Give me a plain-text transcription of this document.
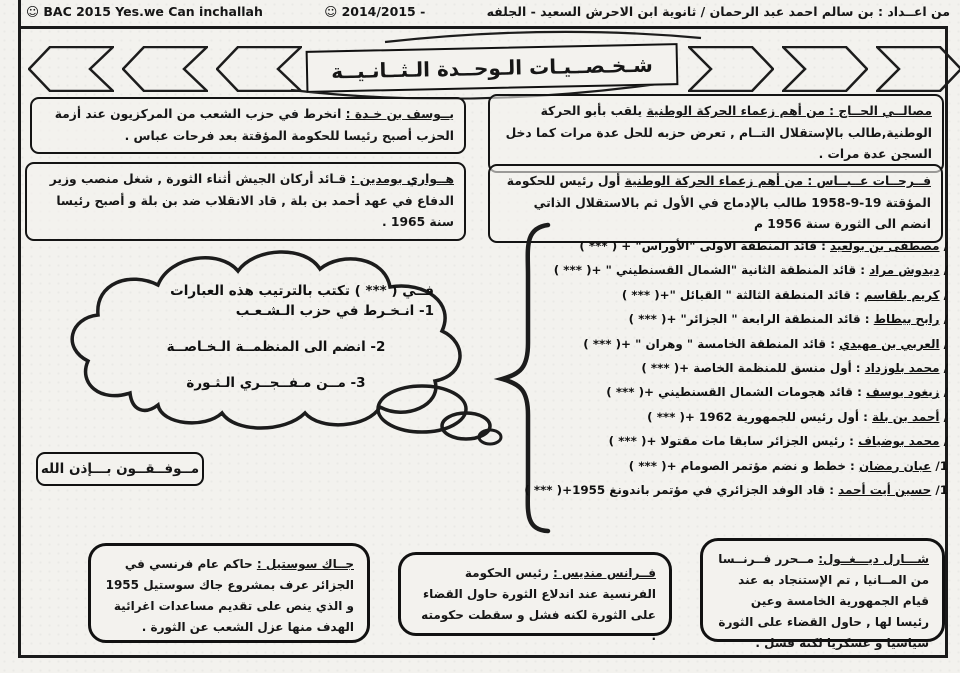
☺ BAC 2015 Yes.we Can inchallah	☺ 2014/2015 -	من اعــداد : بن سالم احمد عبد الرحمان / ثانوية ابن الاحرش السعيد - الجلفه
شـخـصــيـات الـوحــدة الـثــانـيــة
يــوسف بن خـدة : انخرط في حزب الشعب من المركزيون عند أزمة الحزب أصبح رئيسا للحكومة المؤقتة بعد فرحات عباس .
مصالــي الحــاج : من أهم زعماء الحركة الوطنية يلقب بأبو الحركة الوطنية,طالب بالإستقلال التــام , تعرض حزبه للحل عدة مرات كما دخل السجن عدة مرات .
هــواري بومدين : قـائد أركان الجيش أثناء الثورة , شغل منصب وزير الدفاع في عهد أحمد بن بلة , قاد الانقلاب ضد بن بلة و أصبح رئيسا سنة 1965 .
فــرحــات عــبــاس : من أهم زعماء الحركة الوطنية أول رئيس للحكومة المؤقتة 19-9-1958 طالب بالإدماج في الأول ثم بالاستقلال الذاتي انضم الى الثورة سنة 1956 م
فــي ( *** ) تكتب بالترتيب هذه العبارات
1- انـخـرط في حزب الـشـعـب
2- انضم الى المنظمــة الـخـاصــة
3- مــن مـفــجــري الـثـورة
مــوفــقــون بـــإذن الله
/ مصطفى بن بولعيد : قائد المنطقة الاولى "الأوراس" + ( *** )
/ ديدوش مراد : قائد المنطقة الثانية "الشمال القسنطيني " +( *** )
/ كريم بلقاسم : قائد المنطقة الثالثة " القبائل "+( *** )
/ رابح بيطاط : قائد المنطقة الرابعة " الجزائر" +( *** )
/ العربي بن مهيدي : قائد المنطقة الخامسة " وهران " +( *** )
/ محمد بلوزداد : أول منسق للمنظمة الخاصة +( *** )
/ زيغود يوسف : قائد هجومات الشمال القسنطيني +( *** )
/ أحمد بن بلة : أول رئيس للجمهورية 1962 +( *** )
/ محمد بوضياف : رئيس الجزائر سابقا مات مقتولا +( *** )
1/ عبان رمضان : خطط و نضم مؤتمر الصومام +( *** )
1/ حسين أيت أحمد : قاد الوفد الجزائري في مؤتمر باندونغ 1955+( *** )
جــاك سوستيل : حاكم عام فرنسي في الجزائر عرف بمشروع جاك سوستيل 1955 و الذي ينص على تقديم مساعدات اغرائية الهدف منها عزل الشعب عن الثورة .
فــرانس منديس : رئيس الحكومة الفرنسية عند اندلاع الثورة حاول القضاء على الثورة لكنه فشل و سقطت حكومته .
شـــارل ديـــغــول: مــحرر فــرنــسا من المــانيا , تم الإستنجاد به عند قيام الجمهورية الخامسة وعين رئيسا لها , حاول القضاء على الثورة سياسيا و عسكريا لكنه فشل .
